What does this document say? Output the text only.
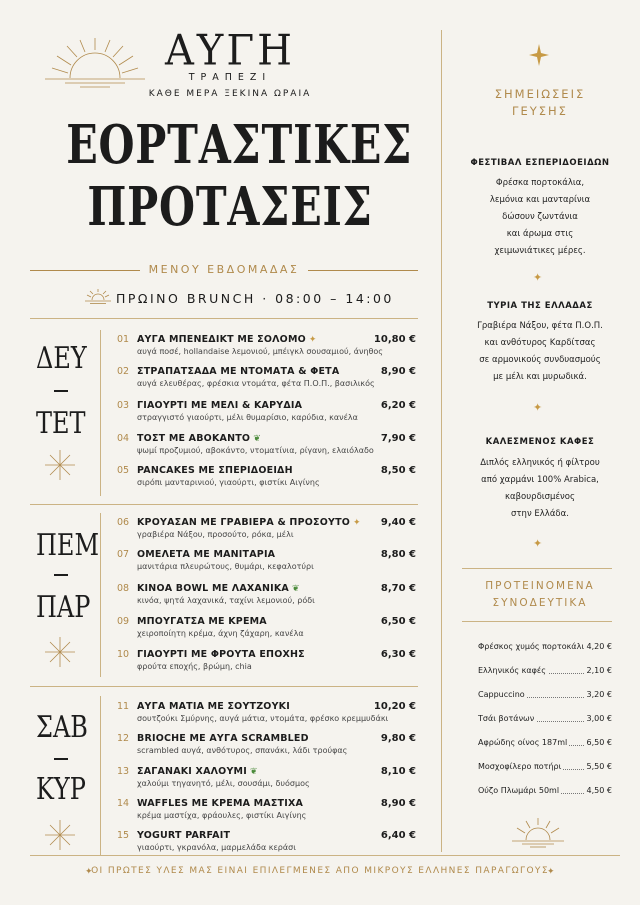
ΑΥΓΗ
ΤΡΑΠΕΖΙ
ΚΑΘΕ ΜΕΡΑ ΞΕΚΙΝΑ ΩΡΑΙΑ
ΕΟΡΤΑΣΤΙΚΕΣ
ΠΡΟΤΑΣΕΙΣ
ΜΕΝΟΥ ΕΒΔΟΜΑΔΑΣ
ΠΡΩΙΝΟ BRUNCH · 08:00 – 14:00
ΔΕΥ
ΤΕΤ
ΠΕΜ
ΠΑΡ
ΣΑΒ
ΚΥΡ
01 ΑΥΓΑ ΜΠΕΝΕΔΙΚΤ ΜΕ ΣΟΛΟΜΟ ✦
αυγά ποσέ, hollandaise λεμονιού, μπέιγκλ σουσαμιού, άνηθος
10,80 €
02 ΣΤΡΑΠΑΤΣΑΔΑ ΜΕ ΝΤΟΜΑΤΑ & ΦΕΤΑ
αυγά ελευθέρας, φρέσκια ντομάτα, φέτα Π.Ο.Π., βασιλικός
8,90 €
03 ΓΙΑΟΥΡΤΙ ΜΕ ΜΕΛΙ & ΚΑΡΥΔΙΑ
στραγγιστό γιαούρτι, μέλι θυμαρίσιο, καρύδια, κανέλα
6,20 €
04 ΤΟΣΤ ΜΕ ΑΒΟΚΑΝΤΟ ❦
ψωμί προζυμιού, αβοκάντο, ντοματίνια, ρίγανη, ελαιόλαδο
7,90 €
05 PANCAKES ΜΕ ΣΠΕΡΙΔΟΕΙΔΗ
σιρόπι μανταρινιού, γιαούρτι, φιστίκι Αιγίνης
8,50 €
06 ΚΡΟΥΑΣΑΝ ΜΕ ΓΡΑΒΙΕΡΑ & ΠΡΟΣΟΥΤΟ ✦
γραβιέρα Νάξου, προσούτο, ρόκα, μέλι
9,40 €
07 ΟΜΕΛΕΤΑ ΜΕ ΜΑΝΙΤΑΡΙΑ
μανιτάρια πλευρώτους, θυμάρι, κεφαλοτύρι
8,80 €
08 ΚΙΝΟΑ BOWL ΜΕ ΛΑΧΑΝΙΚΑ ❦
κινόα, ψητά λαχανικά, ταχίνι λεμονιού, ρόδι
8,70 €
09 ΜΠΟΥΓΑΤΣΑ ΜΕ ΚΡΕΜΑ
χειροποίητη κρέμα, άχνη ζάχαρη, κανέλα
6,50 €
10 ΓΙΑΟΥΡΤΙ ΜΕ ΦΡΟΥΤΑ ΕΠΟΧΗΣ
φρούτα εποχής, βρώμη, chia
6,30 €
11 ΑΥΓΑ ΜΑΤΙΑ ΜΕ ΣΟΥΤΖΟΥΚΙ
σουτζούκι Σμύρνης, αυγά μάτια, ντομάτα, φρέσκο κρεμμυδάκι
10,20 €
12 BRIOCHE ΜΕ ΑΥΓΑ SCRAMBLED
scrambled αυγά, ανθότυρος, σπανάκι, λάδι τρούφας
9,80 €
13 ΣΑΓΑΝΑΚΙ ΧΑΛΟΥΜΙ ❦
χαλούμι τηγανητό, μέλι, σουσάμι, δυόσμος
8,10 €
14 WAFFLES ΜΕ ΚΡΕΜΑ ΜΑΣΤΙΧΑ
κρέμα μαστίχα, φράουλες, φιστίκι Αιγίνης
8,90 €
15 YOGURT PARFAIT
γιαούρτι, γκρανόλα, μαρμελάδα κεράσι
6,40 €
✦
ΟΙ ΠΡΩΤΕΣ ΥΛΕΣ ΜΑΣ ΕΙΝΑΙ ΕΠΙΛΕΓΜΕΝΕΣ ΑΠΟ ΜΙΚΡΟΥΣ ΕΛΛΗΝΕΣ ΠΑΡΑΓΩΓΟΥΣ
✦
ΣΗΜΕΙΩΣΕΙΣ
ΓΕΥΣΗΣ
ΦΕΣΤΙΒΑΛ ΕΣΠΕΡΙΔΟΕΙΔΩΝ
Φρέσκα πορτοκάλια,
λεμόνια και μανταρίνια
δώσουν ζωντάνια
και άρωμα στις
χειμωνιάτικες μέρες.
✦
ΤΥΡΙΑ ΤΗΣ ΕΛΛΑΔΑΣ
Γραβιέρα Νάξου, φέτα Π.Ο.Π.
και ανθότυρος Καρδίτσας
σε αρμονικούς συνδυασμούς
με μέλι και μυρωδικά.
✦
ΚΑΛΕΣΜΕΝΟΣ ΚΑΦΕΣ
Διπλός ελληνικός ή φίλτρου
από χαρμάνι 100% Arabica,
καβουρδισμένος
στην Ελλάδα.
✦
ΠΡΟΤΕΙΝΟΜΕΝΑ
ΣΥΝΟΔΕΥΤΙΚΑ
Φρέσκος χυμός πορτοκάλι 4,20 €
Ελληνικός καφές	2,10 €
Cappuccino	3,20 €
Τσάι βοτάνων	3,00 €
Αφρώδης οίνος 187ml 6,50 €
Μοσχοφίλερο ποτήρι	5,50 €
Ούζο Πλωμάρι 50ml	4,50 €
